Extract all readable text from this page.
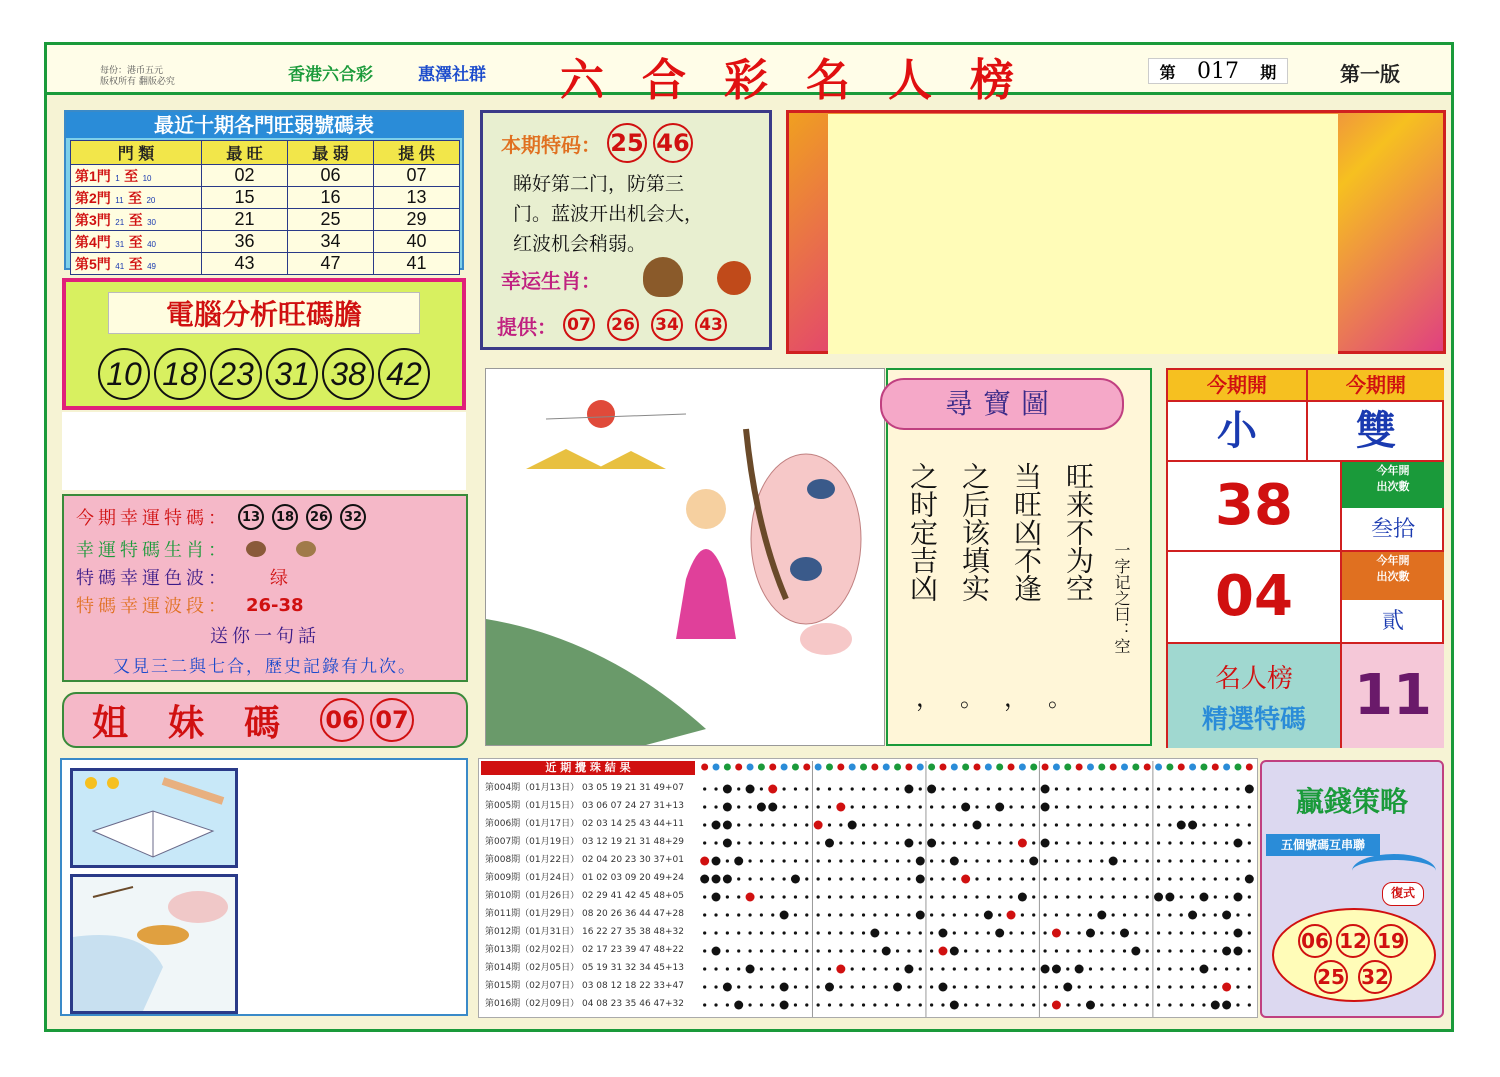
每份：港币五元
版权所有 翻版必究	香港六合彩	惠澤社群 六合彩名人榜	第 017 期	第一版
最近十期各門旺弱號碼表
門 類	最 旺	最 弱	提 供
第1門 1 至 10	02	06	07
第2門 11 至 20	15	16	13
第3門 21 至 30	21	25	29
第4門 31 至 40	36	34	40
第5門 41 至 49	43	47	41
電腦分析旺碼膽
10 18 23 31 38 42
本期特码： 25 46
睇好第二门，防第三
门。蓝波开出机会大，
红波机会稍弱。
幸运生肖：
提供： 07 26 34 43
今期幸運特碼： 13	18	26	32
幸運特碼生肖：
特碼幸運色波： 绿
特碼幸運波段： 26-38
送你一句話
又見三二與七合，歷史記錄有九次。
姐妹碼 06 07
尋寶圖
之时定吉凶 之后该填实 当旺凶不逢 旺来不为空
，。，。
一字记之曰：空
今期開	今期開
小	雙
38
今年開
出次數
叁拾
04
今年開
出次數
貳
名人榜
精選特碼 11
近 期 攪 珠 結 果
第004期（01月13日） 03 05 19 21 31 49+07
第005期（01月15日） 03 06 07 24 27 31+13
第006期（01月17日） 02 03 14 25 43 44+11
第007期（01月19日） 03 12 19 21 31 48+29
第008期（01月22日） 02 04 20 23 30 37+01
第009期（01月24日） 01 02 03 09 20 49+24
第010期（01月26日） 02 29 41 42 45 48+05
第011期（01月29日） 08 20 26 36 44 47+28
第012期（01月31日） 16 22 27 35 38 48+32
第013期（02月02日） 02 17 23 39 47 48+22
第014期（02月05日） 05 19 31 32 34 45+13
第015期（02月07日） 03 08 12 18 22 33+47
第016期（02月09日） 04 08 23 35 46 47+32
贏錢策略
五個號碼互串聯
復式
06 12 19
25 32
